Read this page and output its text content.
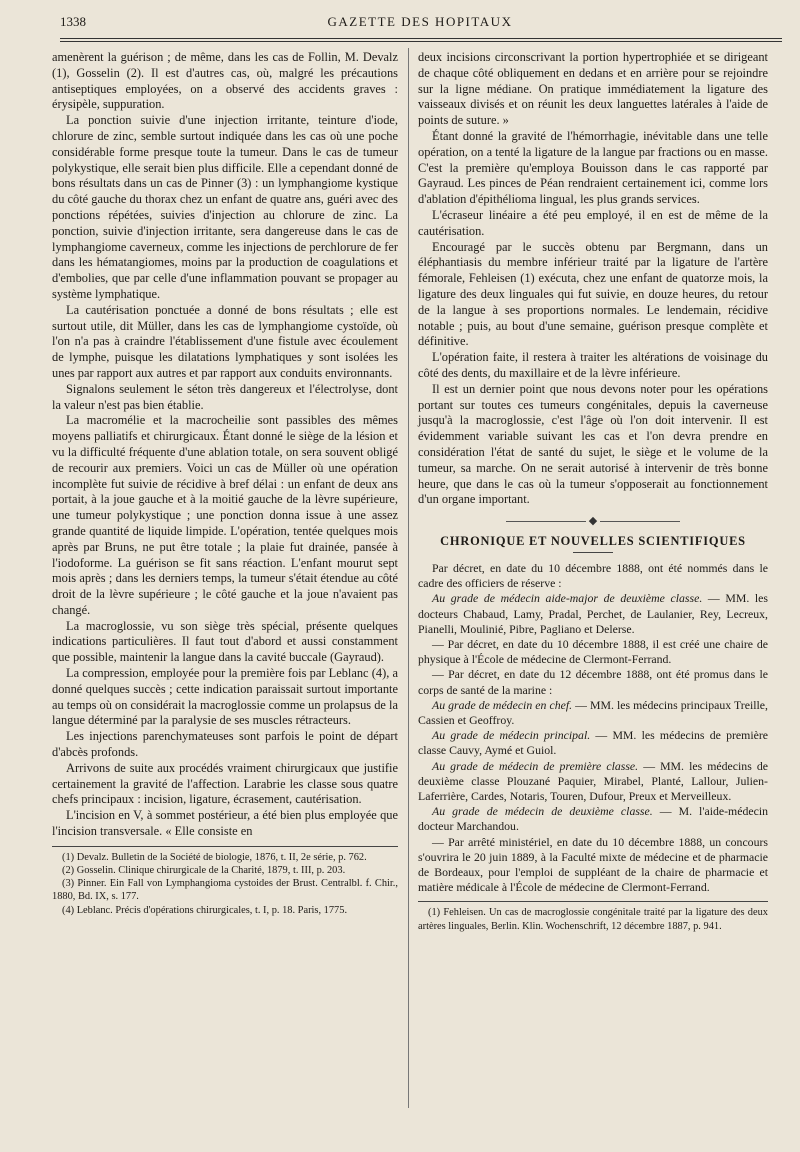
1338	GAZETTE DES HOPITAUX

amenèrent la guérison ; de même, dans les cas de Follin, M. Devalz (1), Gosselin (2). Il est d'autres cas, où, malgré les précautions antiseptiques employées, on a observé des accidents graves : érysipèle, suppuration.

La ponction suivie d'une injection irritante, teinture d'iode, chlorure de zinc, semble surtout indiquée dans les cas où une poche considérable forme presque toute la tumeur. Dans le cas de tumeur polykystique, elle serait bien plus difficile. Elle a cependant donné de bons résultats dans un cas de Pinner (3) : un lymphangiome kystique du côté gauche du thorax chez un enfant de quatre ans, guéri avec des ponctions répétées, suivies d'injection au chlorure de zinc. La ponction, suivie d'injection irritante, sera dangereuse dans le cas de lymphangiome caverneux, comme les injections de perchlorure de fer dans les hématangiomes, moins par la production de coagulations et d'embolies, que par celle d'une inflammation pouvant se propager au système lymphatique.

La cautérisation ponctuée a donné de bons résultats ; elle est surtout utile, dit Müller, dans les cas de lymphangiome cystoïde, où l'on n'a pas à craindre l'établissement d'une fistule avec écoulement de lymphe, puisque les dilatations lymphatiques y sont isolées les unes par rapport aux autres et par rapport aux conduits environnants.

Signalons seulement le séton très dangereux et l'électrolyse, dont la valeur n'est pas bien établie.

La macromélie et la macrocheilie sont passibles des mêmes moyens palliatifs et chirurgicaux. Étant donné le siège de la lésion et vu la difficulté fréquente d'une ablation totale, on sera souvent obligé de recourir aux premiers. Voici un cas de Müller où une opération incomplète fut suivie de récidive à bref délai : un enfant de deux ans portait, à la joue gauche et à la moitié gauche de la lèvre supérieure, une tumeur polykystique ; une ponction donna issue à une assez grande quantité de liquide limpide. L'opération, tentée quelques mois après par Bruns, ne put être totale ; la plaie fut drainée, pansée à l'iodoforme. La guérison se fit sans réaction. L'enfant mourut sept mois après ; dans les derniers temps, la tumeur s'était étendue au côté droit de la lèvre supérieure ; le côté gauche et la joue n'avaient pas changé.

La macroglossie, vu son siège très spécial, présente quelques indications particulières. Il faut tout d'abord et aussi constamment que possible, maintenir la langue dans la cavité buccale (Gayraud).

La compression, employée pour la première fois par Leblanc (4), a donné quelques succès ; cette indication paraissait surtout importante au temps où on considérait la macroglossie comme un prolapsus de la langue déterminé par la paralysie de ses muscles rétracteurs.

Les injections parenchymateuses sont parfois le point de départ d'abcès profonds.

Arrivons de suite aux procédés vraiment chirurgicaux que justifie certainement la gravité de l'affection. Larabrie les classe sous quatre chefs principaux : incision, ligature, écrasement, cautérisation.

L'incision en V, à sommet postérieur, a été bien plus employée que l'incision transversale. « Elle consiste en

(1) Devalz. Bulletin de la Société de biologie, 1876, t. II, 2e série, p. 762.

(2) Gosselin. Clinique chirurgicale de la Charité, 1879, t. III, p. 203.

(3) Pinner. Ein Fall von Lymphangioma cystoides der Brust. Centralbl. f. Chir., 1880, Bd. IX, s. 177.

(4) Leblanc. Précis d'opérations chirurgicales, t. I, p. 18. Paris, 1775.

deux incisions circonscrivant la portion hypertrophiée et se dirigeant de chaque côté obliquement en dedans et en arrière pour se rejoindre sur la ligne médiane. On pratique immédiatement la ligature des vaisseaux divisés et on réunit les deux languettes latérales à l'aide de points de suture. »

Étant donné la gravité de l'hémorrhagie, inévitable dans une telle opération, on a tenté la ligature de la langue par fractions ou en masse. C'est la première qu'employa Bouisson dans le cas rapporté par Gayraud. Les pinces de Péan rendraient certainement ici, comme lors d'ablation d'épithélioma lingual, les plus grands services.

L'écraseur linéaire a été peu employé, il en est de même de la cautérisation.

Encouragé par le succès obtenu par Bergmann, dans un éléphantiasis du membre inférieur traité par la ligature de l'artère fémorale, Fehleisen (1) exécuta, chez une enfant de quatorze mois, la ligature des deux linguales qui fut suivie, en douze heures, du retour de la langue à ses proportions normales. Le lendemain, récidive notable ; puis, au bout d'une semaine, guérison presque complète et définitive.

L'opération faite, il restera à traiter les altérations de voisinage du côté des dents, du maxillaire et de la lèvre inférieure.

Il est un dernier point que nous devons noter pour les opérations portant sur toutes ces tumeurs congénitales, depuis la caverneuse jusqu'à la macroglossie, c'est l'âge où l'on doit intervenir. Il est évidemment variable suivant les cas et l'on devra prendre en considération l'état de santé du sujet, le siège et le volume de la tumeur, sa marche. On ne serait autorisé à intervenir de très bonne heure, que dans le cas où la tumeur s'opposerait au fonctionnement d'un organe important.

◆

CHRONIQUE ET NOUVELLES SCIENTIFIQUES

Par décret, en date du 10 décembre 1888, ont été nommés dans le cadre des officiers de réserve :

Au grade de médecin aide-major de deuxième classe. — MM. les docteurs Chabaud, Lamy, Pradal, Perchet, de Laulanier, Rey, Lecreux, Pianelli, Moulinié, Pibre, Pagliano et Delerse.

— Par décret, en date du 10 décembre 1888, il est créé une chaire de physique à l'École de médecine de Clermont-Ferrand.

— Par décret, en date du 12 décembre 1888, ont été promus dans le corps de santé de la marine :

Au grade de médecin en chef. — MM. les médecins principaux Treille, Cassien et Geoffroy.

Au grade de médecin principal. — MM. les médecins de première classe Cauvy, Aymé et Guiol.

Au grade de médecin de première classe. — MM. les médecins de deuxième classe Plouzané Paquier, Mirabel, Planté, Lallour, Julien-Laferrière, Cardes, Notaris, Touren, Dufour, Preux et Merveilleux.

Au grade de médecin de deuxième classe. — M. l'aide-médecin docteur Marchandou.

— Par arrêté ministériel, en date du 10 décembre 1888, un concours s'ouvrira le 20 juin 1889, à la Faculté mixte de médecine et de pharmacie de Bordeaux, pour l'emploi de suppléant de la chaire de pharmacie et matière médicale à l'École de médecine de Clermont-Ferrand.

(1) Fehleisen. Un cas de macroglossie congénitale traité par la ligature des deux artères linguales, Berlin. Klin. Wochenschrift, 12 décembre 1887, p. 941.
